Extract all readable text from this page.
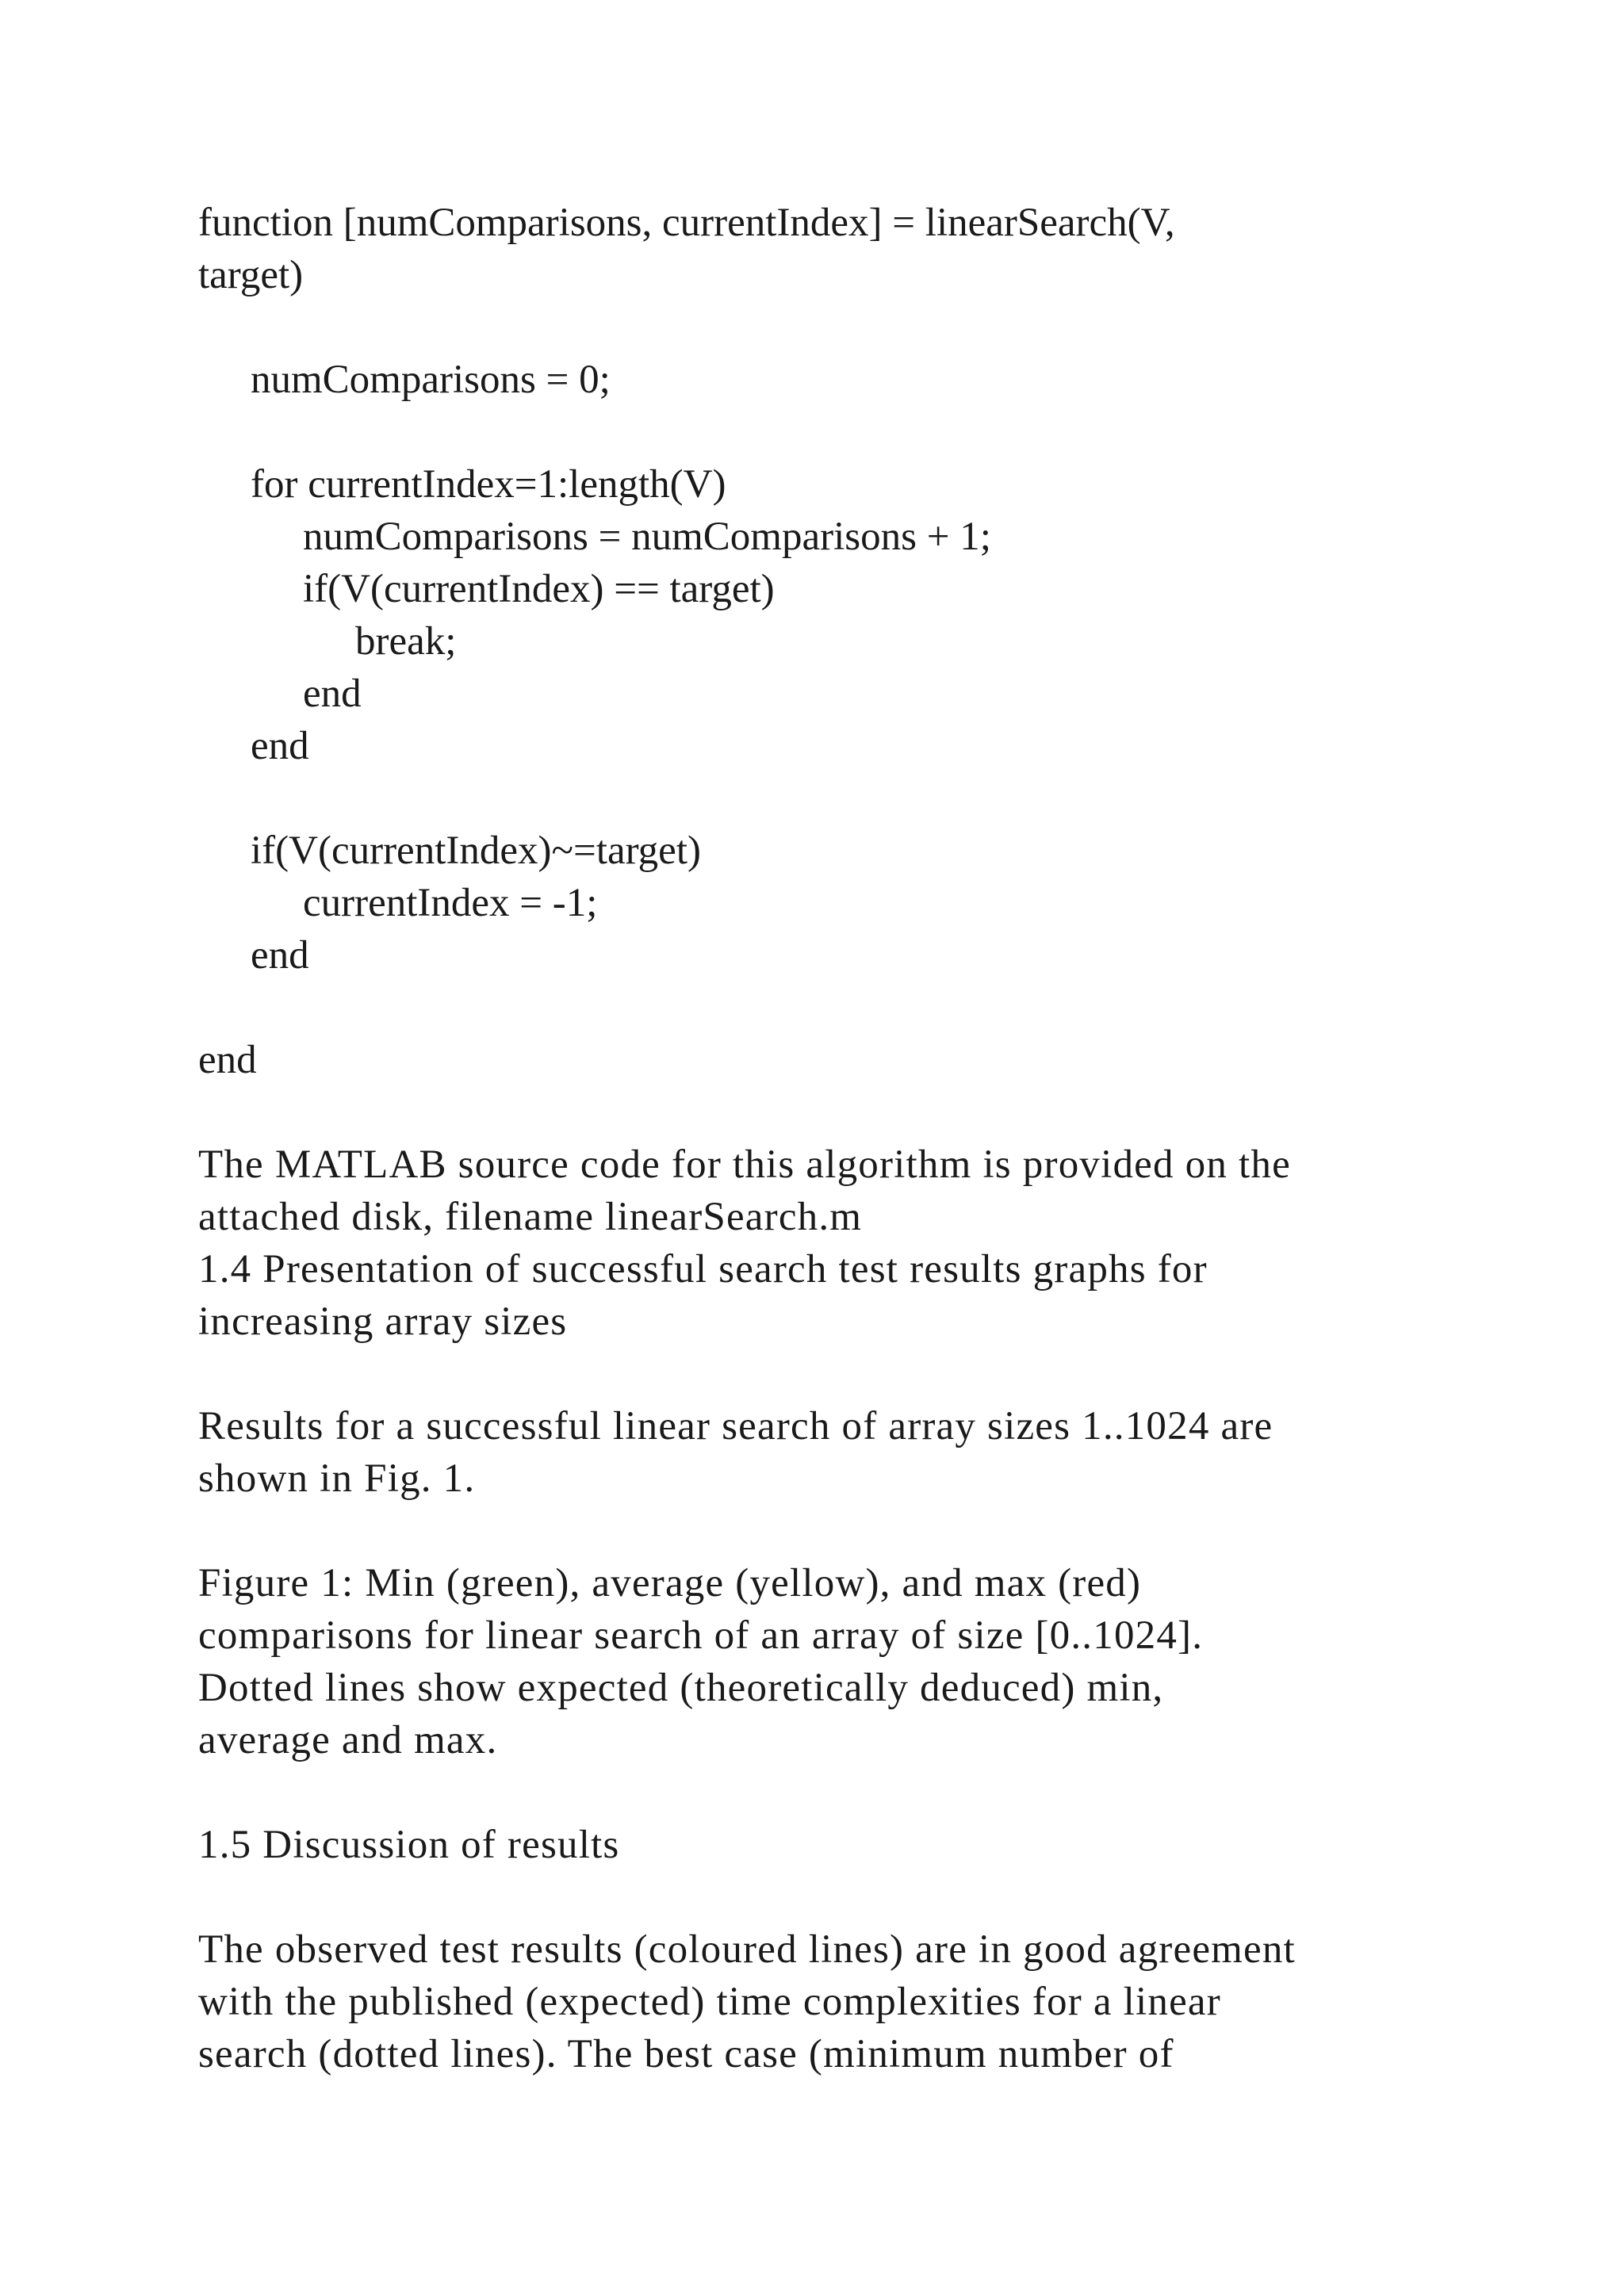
function [numComparisons, currentIndex] = linearSearch(V,

target)

numComparisons = 0;

for currentIndex=1:length(V)

numComparisons = numComparisons + 1;

if(V(currentIndex) == target)

break;

end

end

if(V(currentIndex)~=target)

currentIndex = -1;

end

end

The MATLAB source code for this algorithm is provided on the

attached disk, filename linearSearch.m

1.4 Presentation of successful search test results graphs for

increasing array sizes

Results for a successful linear search of array sizes 1..1024 are

shown in Fig. 1.

Figure 1: Min (green), average (yellow), and max (red)

comparisons for linear search of an array of size [0..1024].

Dotted lines show expected (theoretically deduced) min,

average and max.

1.5 Discussion of results

The observed test results (coloured lines) are in good agreement

with the published (expected) time complexities for a linear

search (dotted lines). The best case (minimum number of
